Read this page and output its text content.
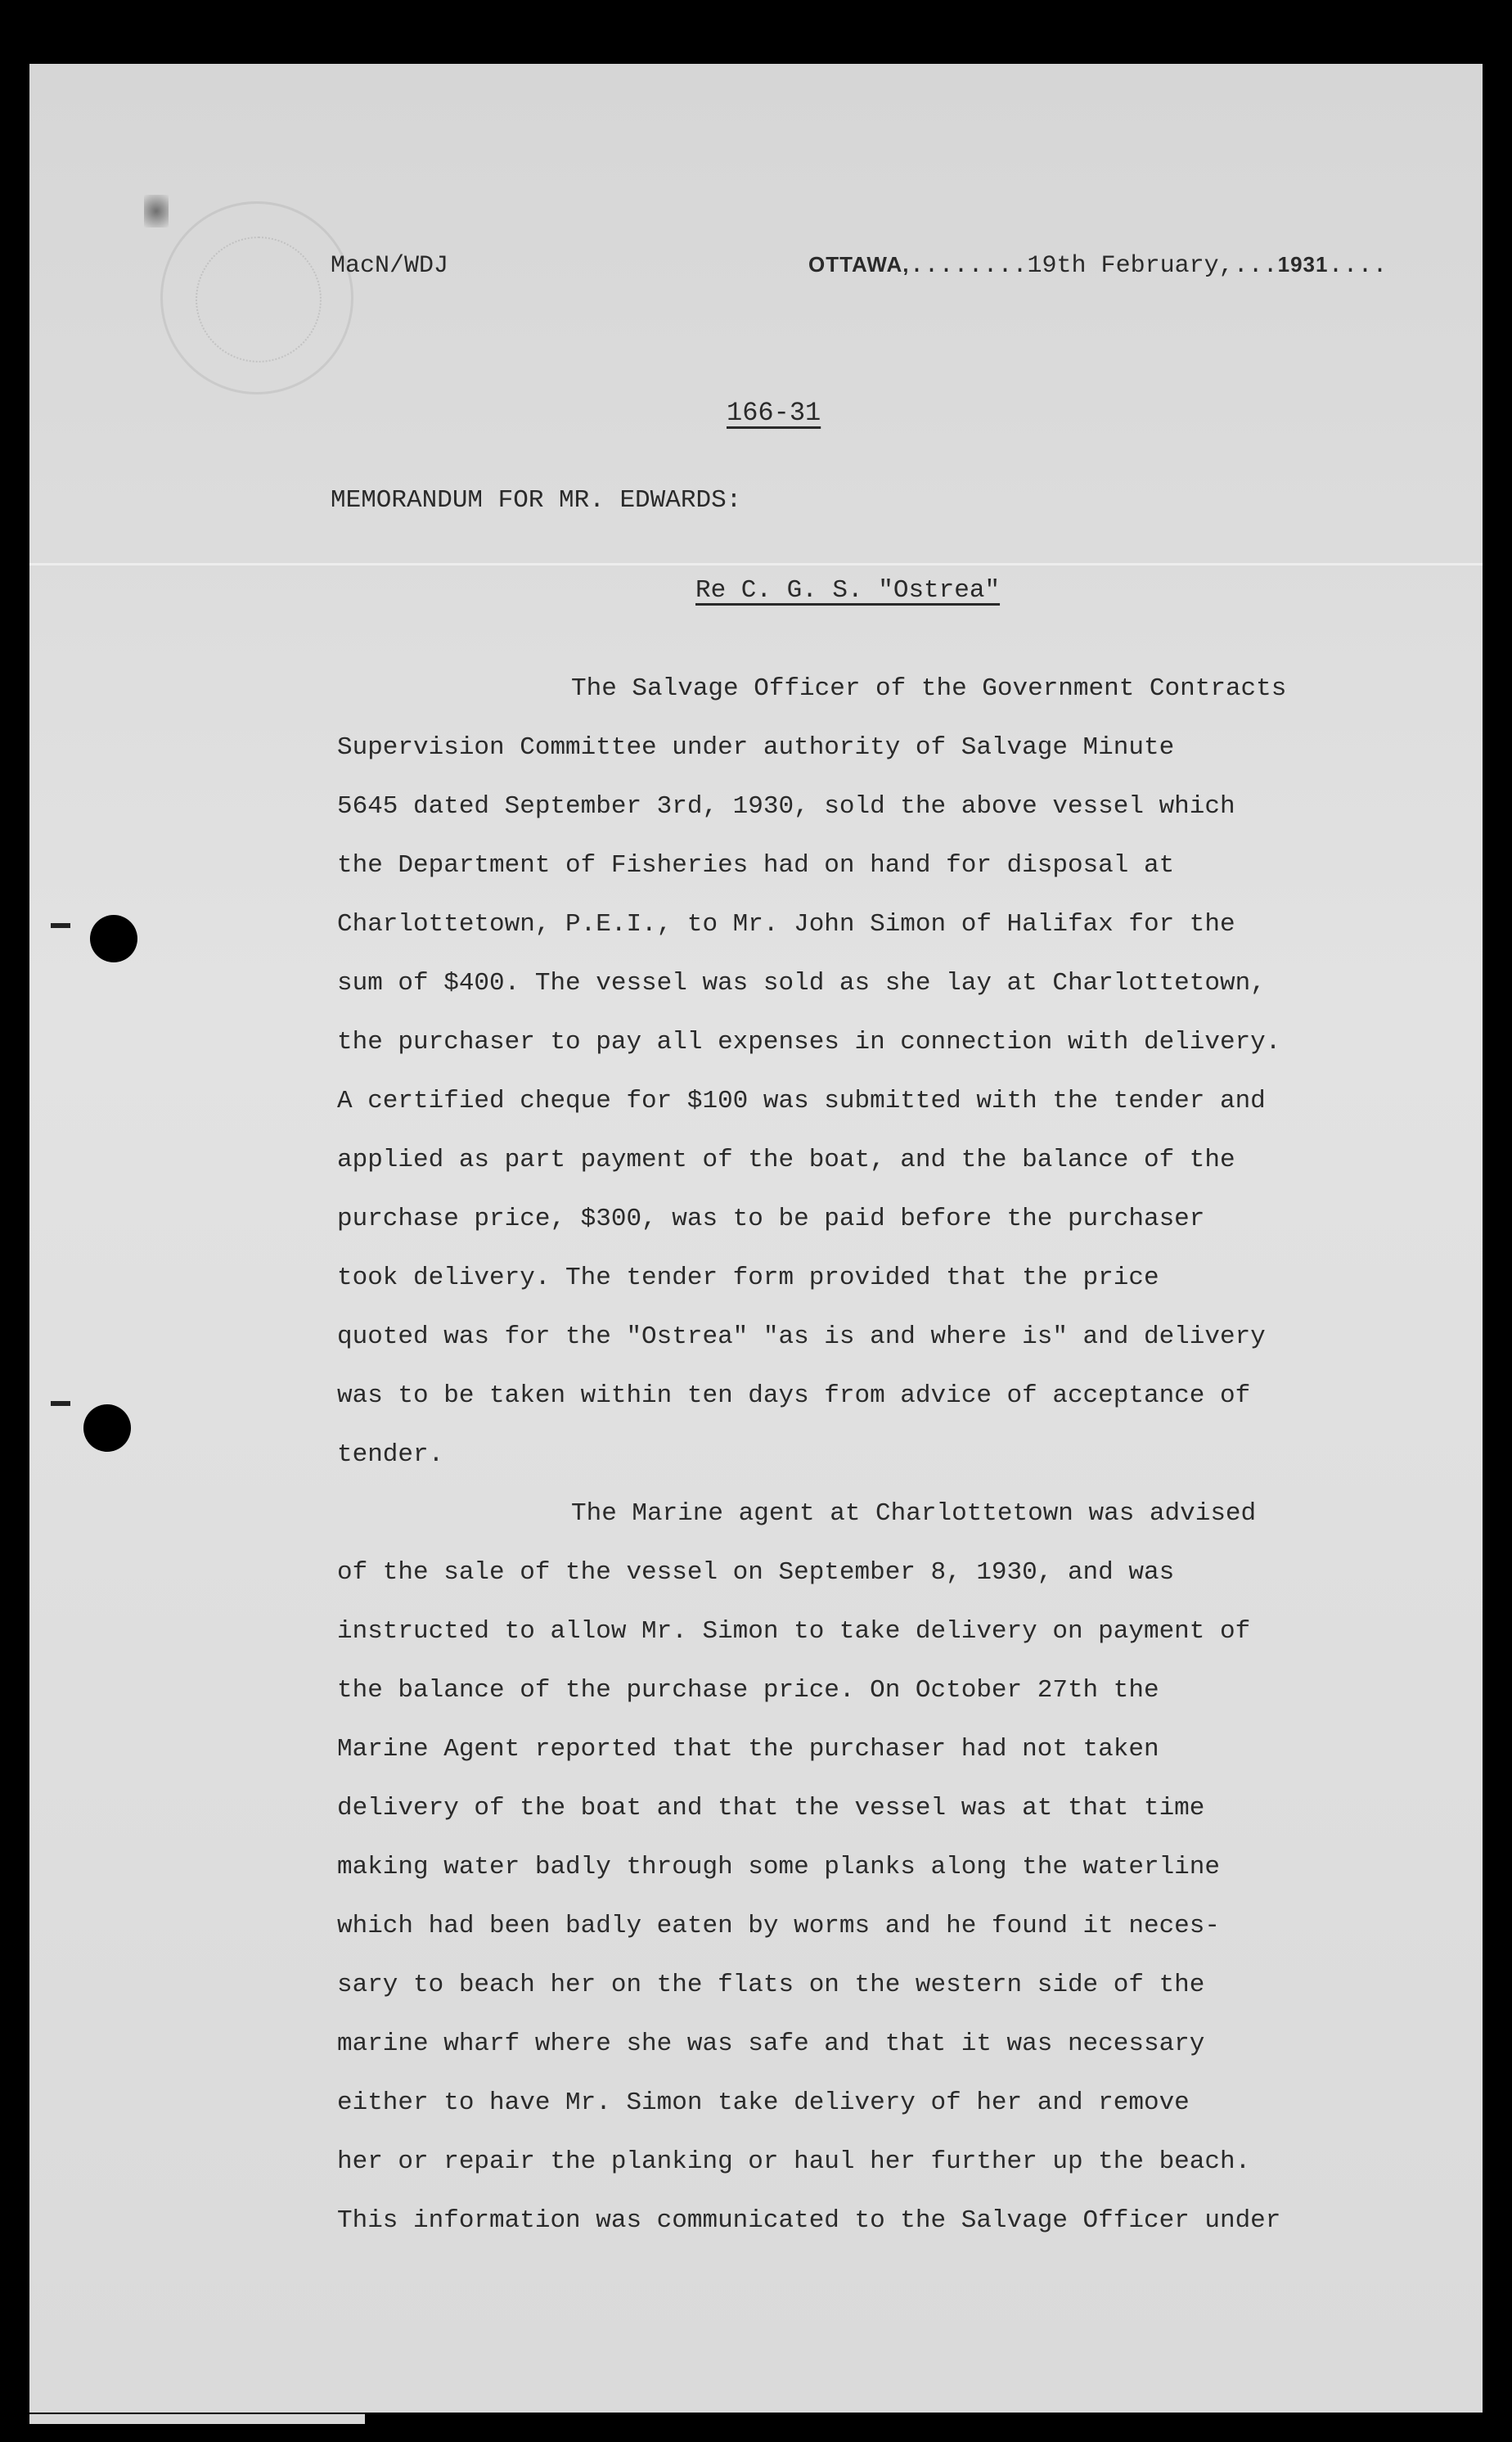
MacN/WDJ	OTTAWA,........19th February,...1931....
166-31
MEMORANDUM FOR MR. EDWARDS:
Re C. G. S. "Ostrea"
The Salvage Officer of the Government Contracts
Supervision Committee under authority of Salvage Minute
5645 dated September 3rd, 1930, sold the above vessel which
the Department of Fisheries had on hand for disposal at
Charlottetown, P.E.I., to Mr. John Simon of Halifax for the
sum of $400. The vessel was sold as she lay at Charlottetown,
the purchaser to pay all expenses in connection with delivery.
A certified cheque for $100 was submitted with the tender and
applied as part payment of the boat, and the balance of the
purchase price, $300, was to be paid before the purchaser
took delivery. The tender form provided that the price
quoted was for the "Ostrea" "as is and where is" and delivery
was to be taken within ten days from advice of acceptance of
tender.
The Marine agent at Charlottetown was advised
of the sale of the vessel on September 8, 1930, and was
instructed to allow Mr. Simon to take delivery on payment of
the balance of the purchase price. On October 27th the
Marine Agent reported that the purchaser had not taken
delivery of the boat and that the vessel was at that time
making water badly through some planks along the waterline
which had been badly eaten by worms and he found it neces-
sary to beach her on the flats on the western side of the
marine wharf where she was safe and that it was necessary
either to have Mr. Simon take delivery of her and remove
her or repair the planking or haul her further up the beach.
This information was communicated to the Salvage Officer under
